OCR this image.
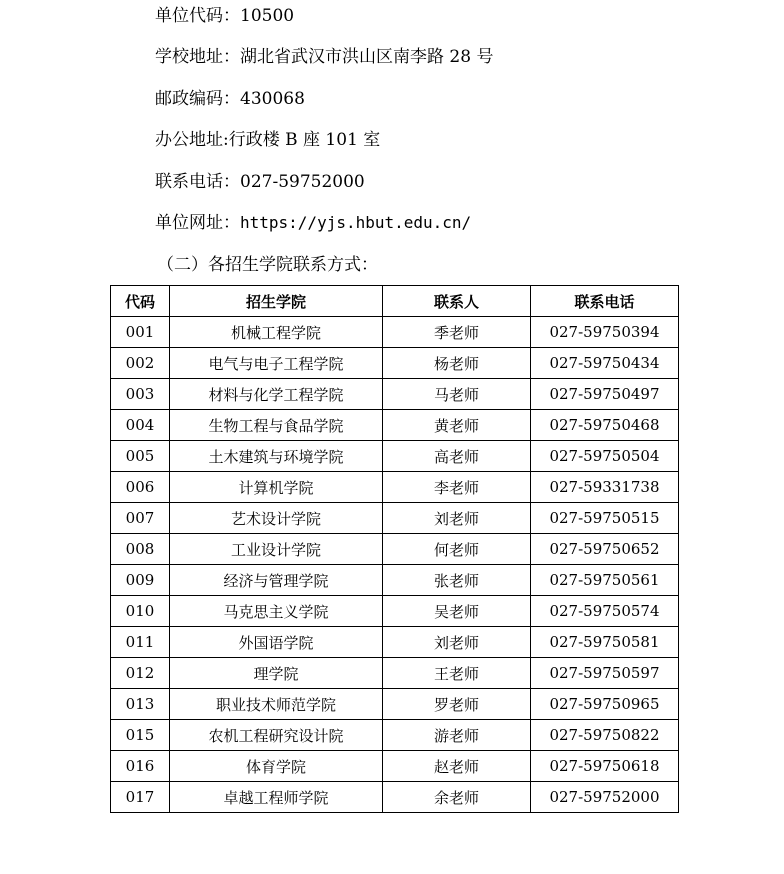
单位代码：10500
学校地址：湖北省武汉市洪山区南李路 28 号
邮政编码：430068
办公地址:行政楼 B 座 101 室
联系电话：027-59752000
单位网址：https://yjs.hbut.edu.cn/
（二）各招生学院联系方式：
代码	招生学院	联系人	联系电话
001	机械工程学院	季老师	027-59750394
002	电气与电子工程学院	杨老师	027-59750434
003	材料与化学工程学院	马老师	027-59750497
004	生物工程与食品学院	黄老师	027-59750468
005	土木建筑与环境学院	高老师	027-59750504
006	计算机学院	李老师	027-59331738
007	艺术设计学院	刘老师	027-59750515
008	工业设计学院	何老师	027-59750652
009	经济与管理学院	张老师	027-59750561
010	马克思主义学院	吴老师	027-59750574
011	外国语学院	刘老师	027-59750581
012	理学院	王老师	027-59750597
013	职业技术师范学院	罗老师	027-59750965
015	农机工程研究设计院	游老师	027-59750822
016	体育学院	赵老师	027-59750618
017	卓越工程师学院	余老师	027-59752000
